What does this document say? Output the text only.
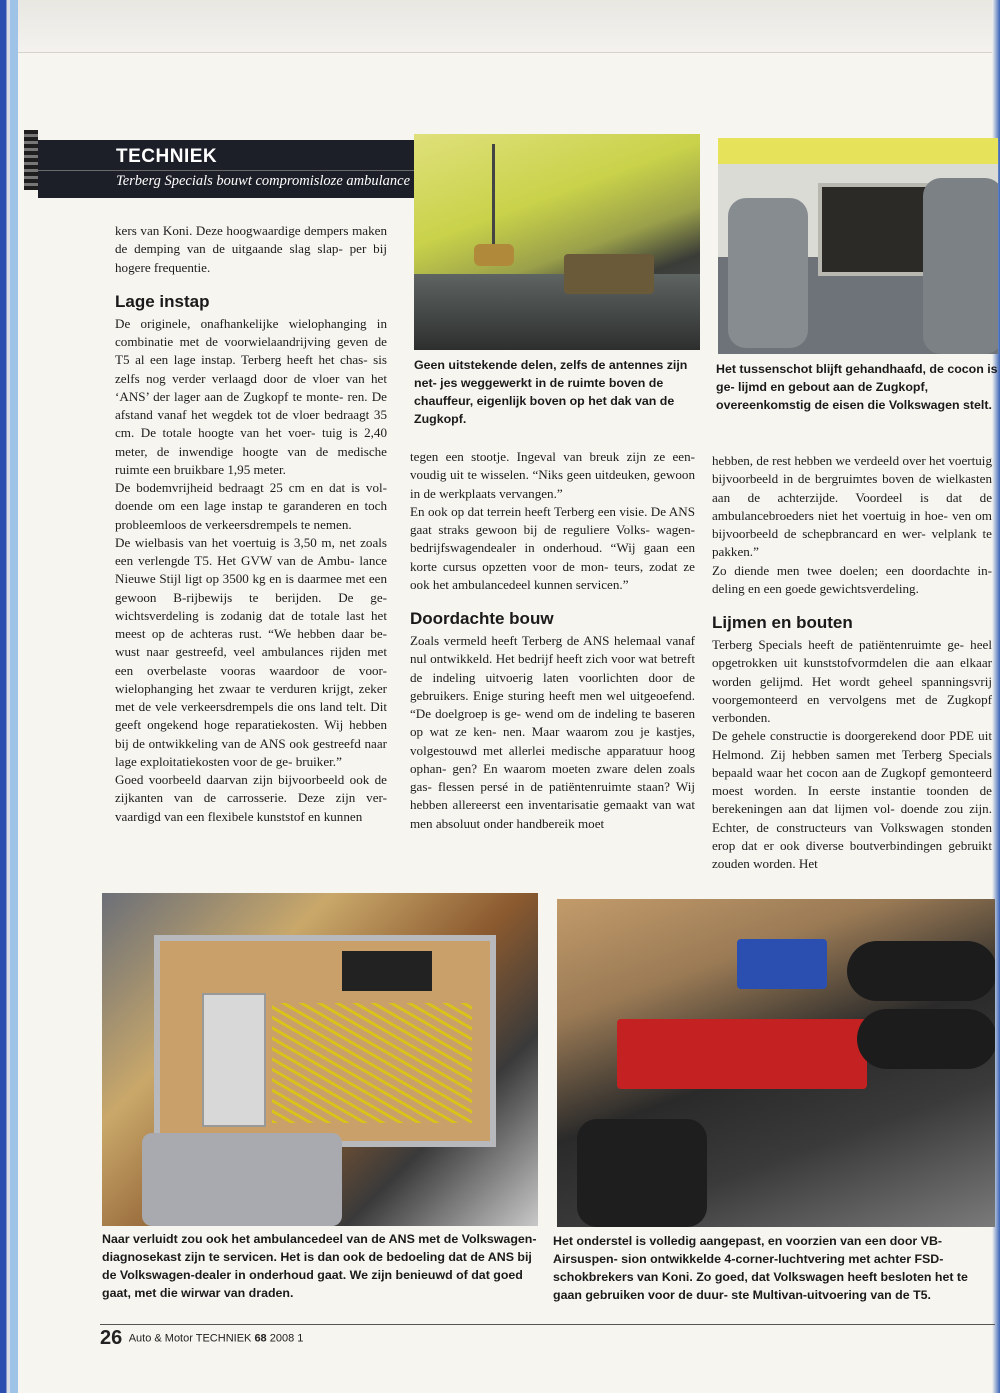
TECHNIEK
Terberg Specials bouwt compromisloze ambulance

kers van Koni. Deze hoogwaardige dempers maken de demping van de uitgaande slag slap- per bij hogere frequentie.

Lage instap

De originele, onafhankelijke wielophanging in combinatie met de voorwielaandrijving geven de T5 al een lage instap. Terberg heeft het chas- sis zelfs nog verder verlaagd door de vloer van het ‘ANS’ der lager aan de Zugkopf te monte- ren. De afstand vanaf het wegdek tot de vloer bedraagt 35 cm. De totale hoogte van het voer- tuig is 2,40 meter, de inwendige hoogte van de medische ruimte een bruikbare 1,95 meter.

De bodemvrijheid bedraagt 25 cm en dat is vol- doende om een lage instap te garanderen en toch probleemloos de verkeersdrempels te nemen.

De wielbasis van het voertuig is 3,50 m, net zoals een verlengde T5. Het GVW van de Ambu- lance Nieuwe Stijl ligt op 3500 kg en is daarmee met een gewoon B-rijbewijs te berijden. De ge- wichtsverdeling is zodanig dat de totale last het meest op de achteras rust. “We hebben daar be- wust naar gestreefd, veel ambulances rijden met een overbelaste vooras waardoor de voor- wielophanging het zwaar te verduren krijgt, zeker met de vele verkeersdrempels die ons land telt. Dit geeft ongekend hoge reparatiekosten. Wij hebben bij de ontwikkeling van de ANS ook gestreefd naar lage exploitatiekosten voor de ge- bruiker.”

Goed voorbeeld daarvan zijn bijvoorbeeld ook de zijkanten van de carrosserie. Deze zijn ver- vaardigd van een flexibele kunststof en kunnen

Geen uitstekende delen, zelfs de antennes zijn net- jes weggewerkt in de ruimte boven de chauffeur, eigenlijk boven op het dak van de Zugkopf.
Het tussenschot blijft gehandhaafd, de cocon is ge- lijmd en gebout aan de Zugkopf, overeenkomstig de eisen die Volkswagen stelt.

tegen een stootje. Ingeval van breuk zijn ze een- voudig uit te wisselen. “Niks geen uitdeuken, gewoon in de werkplaats vervangen.”

En ook op dat terrein heeft Terberg een visie. De ANS gaat straks gewoon bij de reguliere Volks- wagen-bedrijfswagendealer in onderhoud. “Wij gaan een korte cursus opzetten voor de mon- teurs, zodat ze ook het ambulancedeel kunnen servicen.”

Doordachte bouw

Zoals vermeld heeft Terberg de ANS helemaal vanaf nul ontwikkeld. Het bedrijf heeft zich voor wat betreft de indeling uitvoerig laten voorlichten door de gebruikers. Enige sturing heeft men wel uitgeoefend. “De doelgroep is ge- wend om de indeling te baseren op wat ze ken- nen. Maar waarom zou je kastjes, volgestouwd met allerlei medische apparatuur hoog ophan- gen? En waarom moeten zware delen zoals gas- flessen persé in de patiëntenruimte staan? Wij hebben allereerst een inventarisatie gemaakt van wat men absoluut onder handbereik moet

hebben, de rest hebben we verdeeld over het voertuig bijvoorbeeld in de bergruimtes boven de wielkasten aan de achterzijde. Voordeel is dat de ambulancebroeders niet het voertuig in hoe- ven om bijvoorbeeld de schepbrancard en wer- velplank te pakken.”

Zo diende men twee doelen; een doordachte in- deling en een goede gewichtsverdeling.

Lijmen en bouten

Terberg Specials heeft de patiëntenruimte ge- heel opgetrokken uit kunststofvormdelen die aan elkaar worden gelijmd. Het wordt geheel spanningsvrij voorgemonteerd en vervolgens met de Zugkopf verbonden.

De gehele constructie is doorgerekend door PDE uit Helmond. Zij hebben samen met Terberg Specials bepaald waar het cocon aan de Zugkopf gemonteerd moest worden. In eerste instantie toonden de berekeningen aan dat lijmen vol- doende zou zijn. Echter, de constructeurs van Volkswagen stonden erop dat er ook diverse boutverbindingen gebruikt zouden worden. Het

Naar verluidt zou ook het ambulancedeel van de ANS met de Volkswagen- diagnosekast zijn te servicen. Het is dan ook de bedoeling dat de ANS bij de Volkswagen-dealer in onderhoud gaat. We zijn benieuwd of dat goed gaat, met die wirwar van draden.
Het onderstel is volledig aangepast, en voorzien van een door VB-Airsuspen- sion ontwikkelde 4-corner-luchtvering met achter FSD-schokbrekers van Koni. Zo goed, dat Volkswagen heeft besloten het te gaan gebruiken voor de duur- ste Multivan-uitvoering van de T5.
26 Auto & Motor TECHNIEK 68 2008 1
